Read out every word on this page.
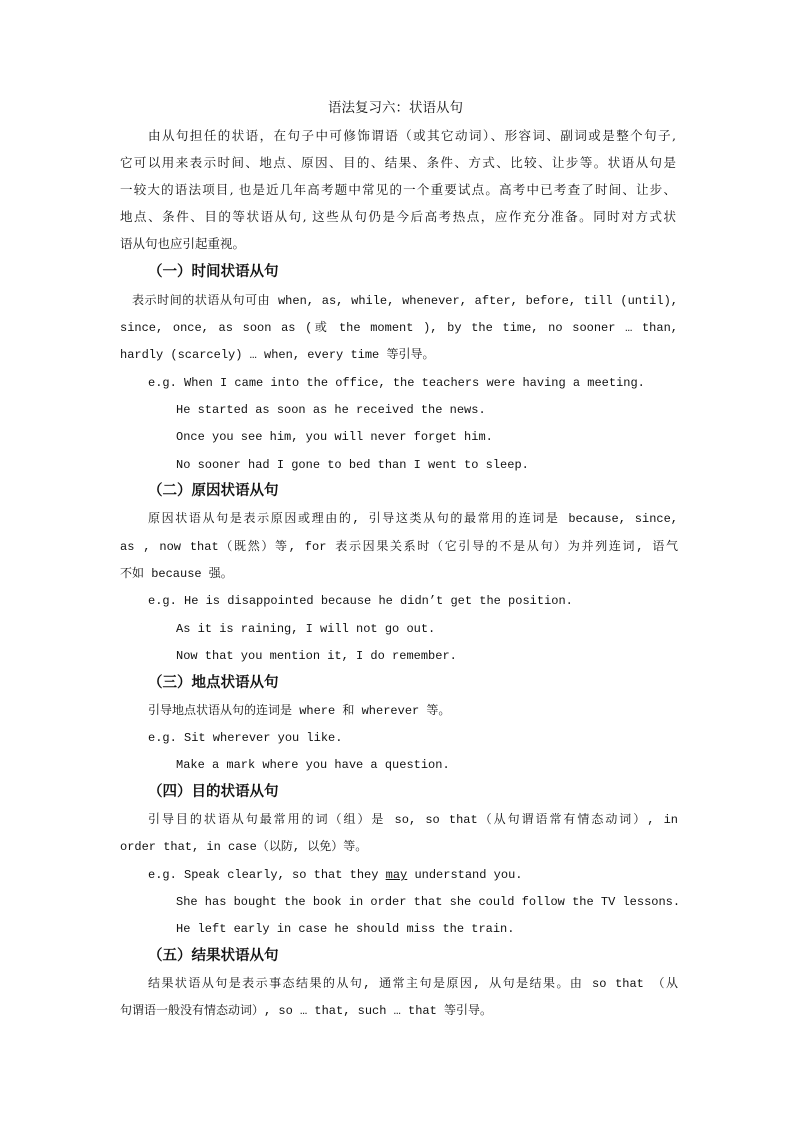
语法复习六：状语从句

由从句担任的状语，在句子中可修饰谓语（或其它动词）、形容词、副词或是整个句子,

它可以用来表示时间、地点、原因、目的、结果、条件、方式、比较、让步等。状语从句是

一较大的语法项目, 也是近几年高考题中常见的一个重要试点。高考中已考查了时间、让步、

地点、条件、目的等状语从句, 这些从句仍是今后高考热点，应作充分准备。同时对方式状

语从句也应引起重视。

（一）时间状语从句

表示时间的状语从句可由 when, as, while, whenever, after, before, till (until),

since, once, as soon as (或 the moment ), by the time, no sooner … than,

hardly (scarcely) … when, every time 等引导。

e.g. When I came into the office, the teachers were having a meeting.

He started as soon as he received the news.

Once you see him, you will never forget him.

No sooner had I gone to bed than I went to sleep.

（二）原因状语从句

原因状语从句是表示原因或理由的, 引导这类从句的最常用的连词是 because, since,

as , now that（既然）等, for 表示因果关系时（它引导的不是从句）为并列连词, 语气

不如 because 强。

e.g. He is disappointed because he didn’t get the position.

As it is raining, I will not go out.

Now that you mention it, I do remember.

（三）地点状语从句

引导地点状语从句的连词是 where 和 wherever 等。

e.g. Sit wherever you like.

Make a mark where you have a question.

（四）目的状语从句

引导目的状语从句最常用的词（组）是 so, so that（从句谓语常有情态动词）, in

order that, in case（以防, 以免）等。

e.g. Speak clearly, so that they may understand you.

She has bought the book in order that she could follow the TV lessons.

He left early in case he should miss the train.

（五）结果状语从句

结果状语从句是表示事态结果的从句, 通常主句是原因, 从句是结果。由 so that （从

句谓语一般没有情态动词）, so … that, such … that 等引导。
